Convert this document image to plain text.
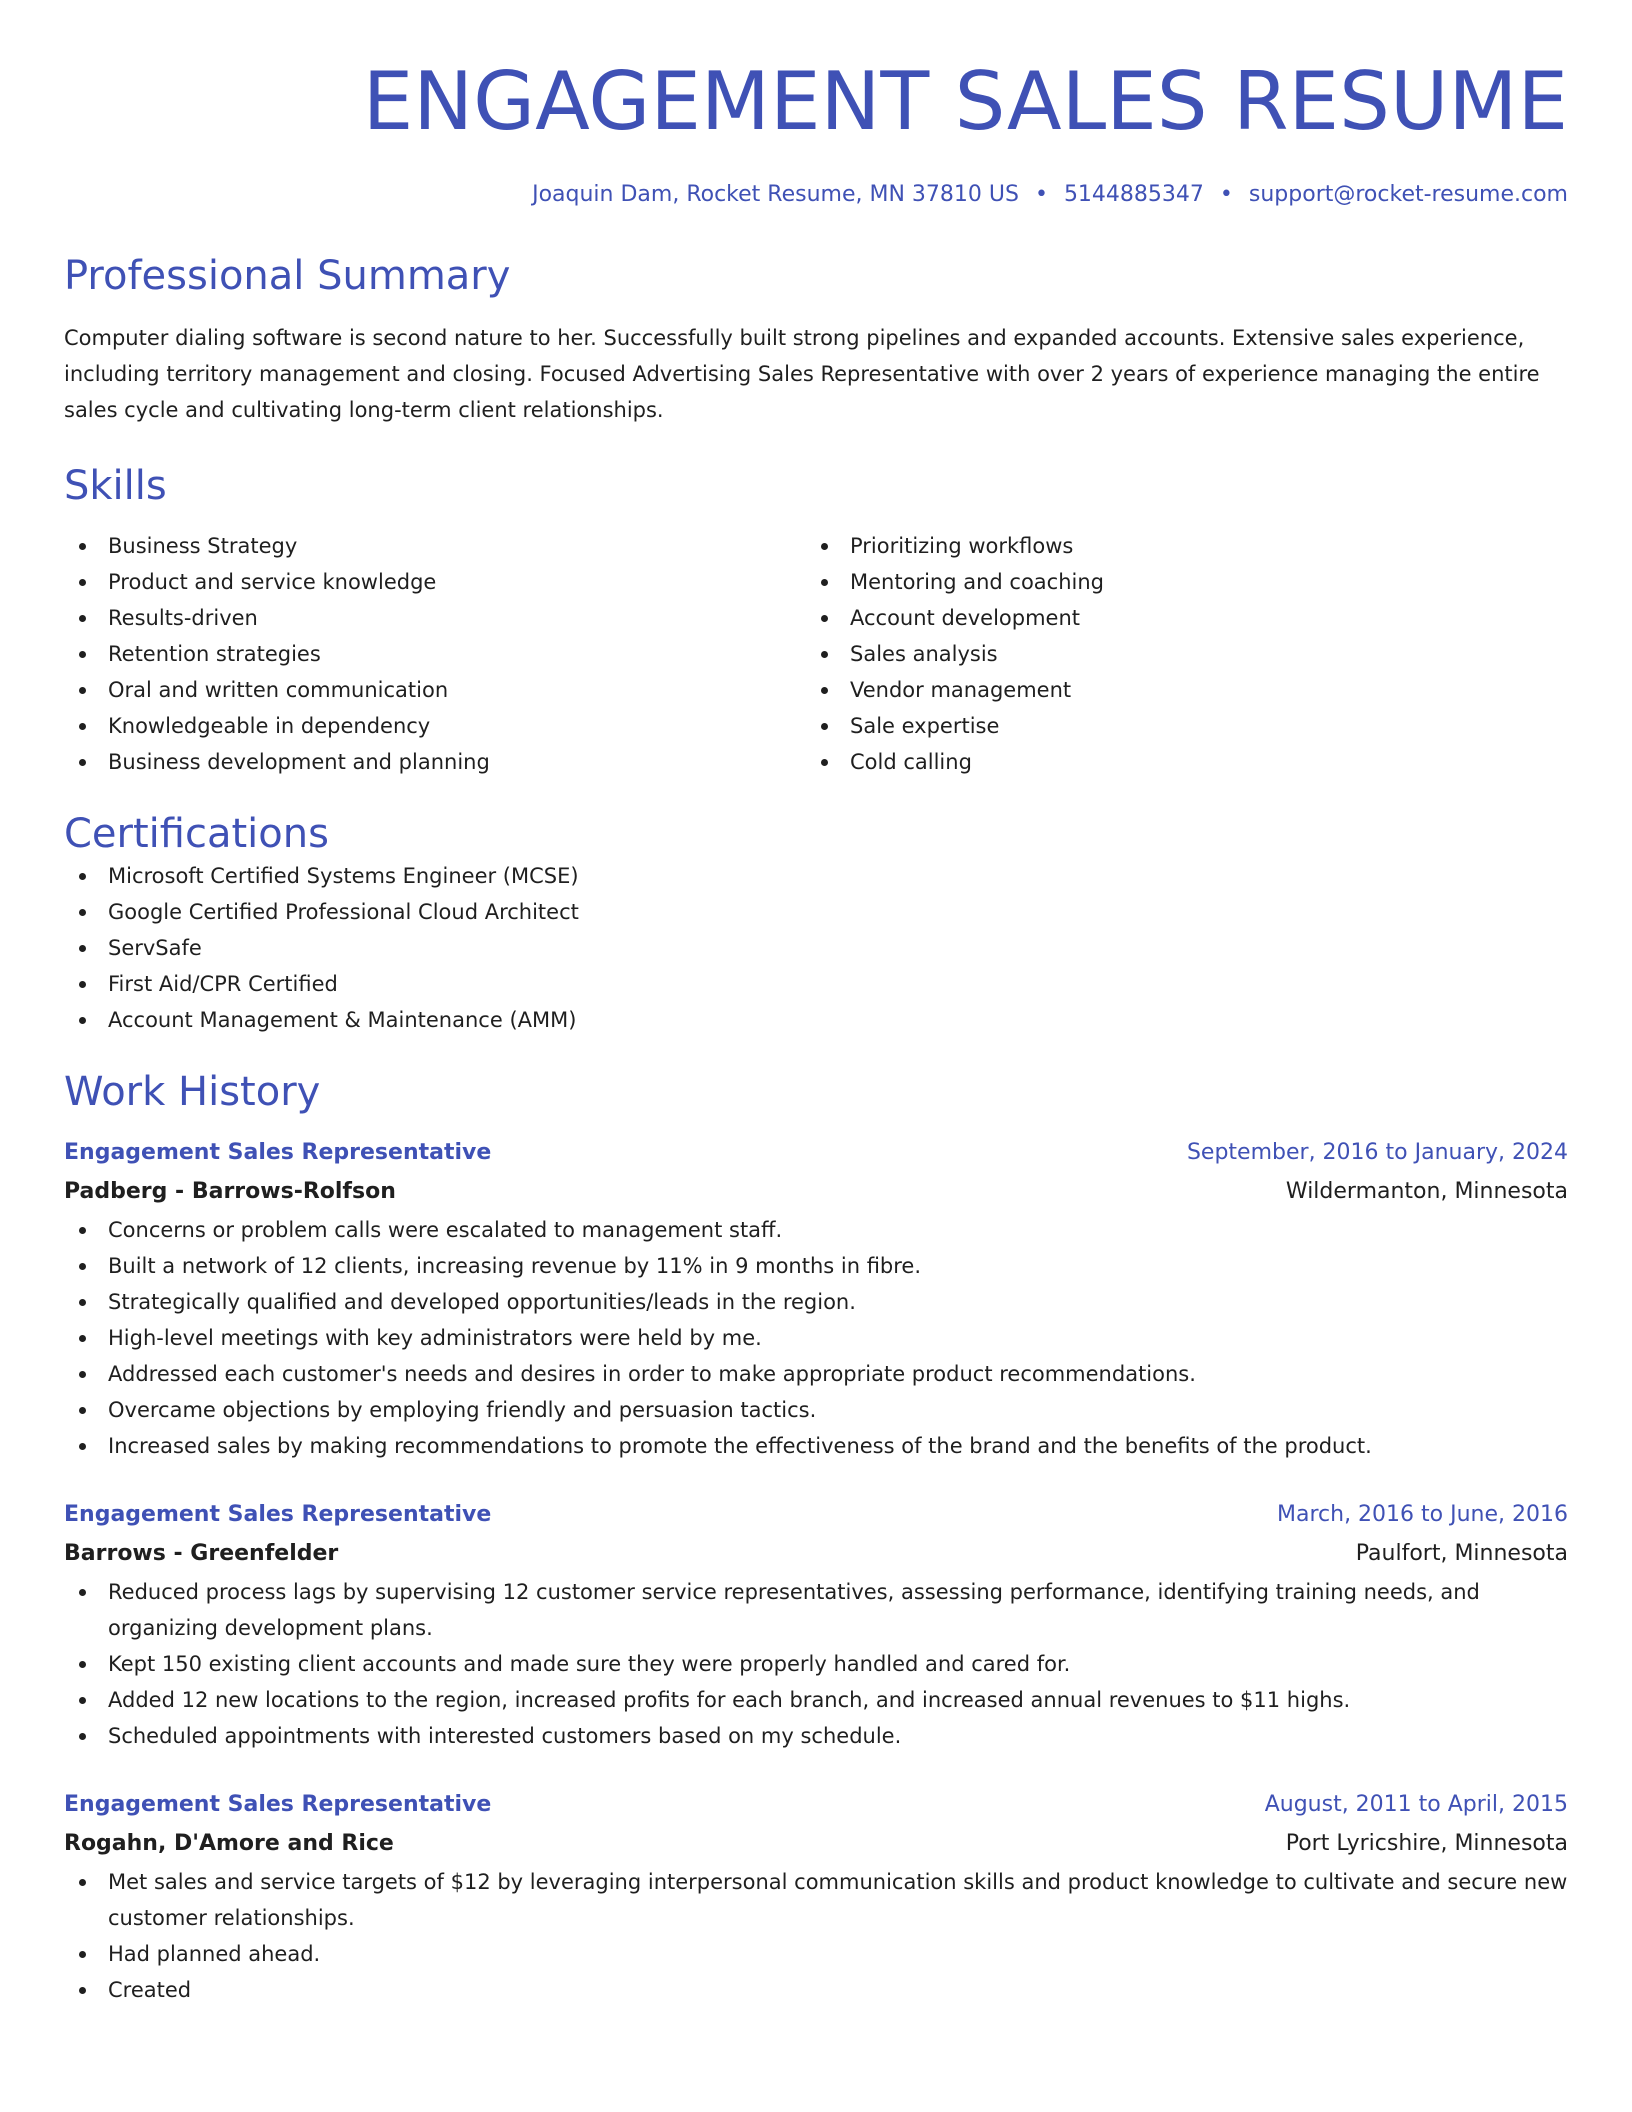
ENGAGEMENT SALES RESUME
Joaquin Dam, Rocket Resume, MN 37810 US • 5144885347 • support@rocket-resume.com
Professional Summary
Computer dialing software is second nature to her. Successfully built strong pipelines and expanded accounts. Extensive sales experience, including territory management and closing. Focused Advertising Sales Representative with over 2 years of experience managing the entire sales cycle and cultivating long-term client relationships.
Skills
Business Strategy
Product and service knowledge
Results-driven
Retention strategies
Oral and written communication
Knowledgeable in dependency
Business development and planning
Prioritizing workflows
Mentoring and coaching
Account development
Sales analysis
Vendor management
Sale expertise
Cold calling
Certifications
Microsoft Certified Systems Engineer (MCSE)
Google Certified Professional Cloud Architect
ServSafe
First Aid/CPR Certified
Account Management & Maintenance (AMM)
Work History
Engagement Sales Representative	September, 2016 to January, 2024
Padberg - Barrows-Rolfson	Wildermanton, Minnesota
Concerns or problem calls were escalated to management staff.
Built a network of 12 clients, increasing revenue by 11% in 9 months in fibre.
Strategically qualified and developed opportunities/leads in the region.
High-level meetings with key administrators were held by me.
Addressed each customer's needs and desires in order to make appropriate product recommendations.
Overcame objections by employing friendly and persuasion tactics.
Increased sales by making recommendations to promote the effectiveness of the brand and the benefits of the product.
Engagement Sales Representative	March, 2016 to June, 2016
Barrows - Greenfelder	Paulfort, Minnesota
Reduced process lags by supervising 12 customer service representatives, assessing performance, identifying training needs, and organizing development plans.
Kept 150 existing client accounts and made sure they were properly handled and cared for.
Added 12 new locations to the region, increased profits for each branch, and increased annual revenues to $11 highs.
Scheduled appointments with interested customers based on my schedule.
Engagement Sales Representative	August, 2011 to April, 2015
Rogahn, D'Amore and Rice	Port Lyricshire, Minnesota
Met sales and service targets of $12 by leveraging interpersonal communication skills and product knowledge to cultivate and secure new customer relationships.
Had planned ahead.
Created
